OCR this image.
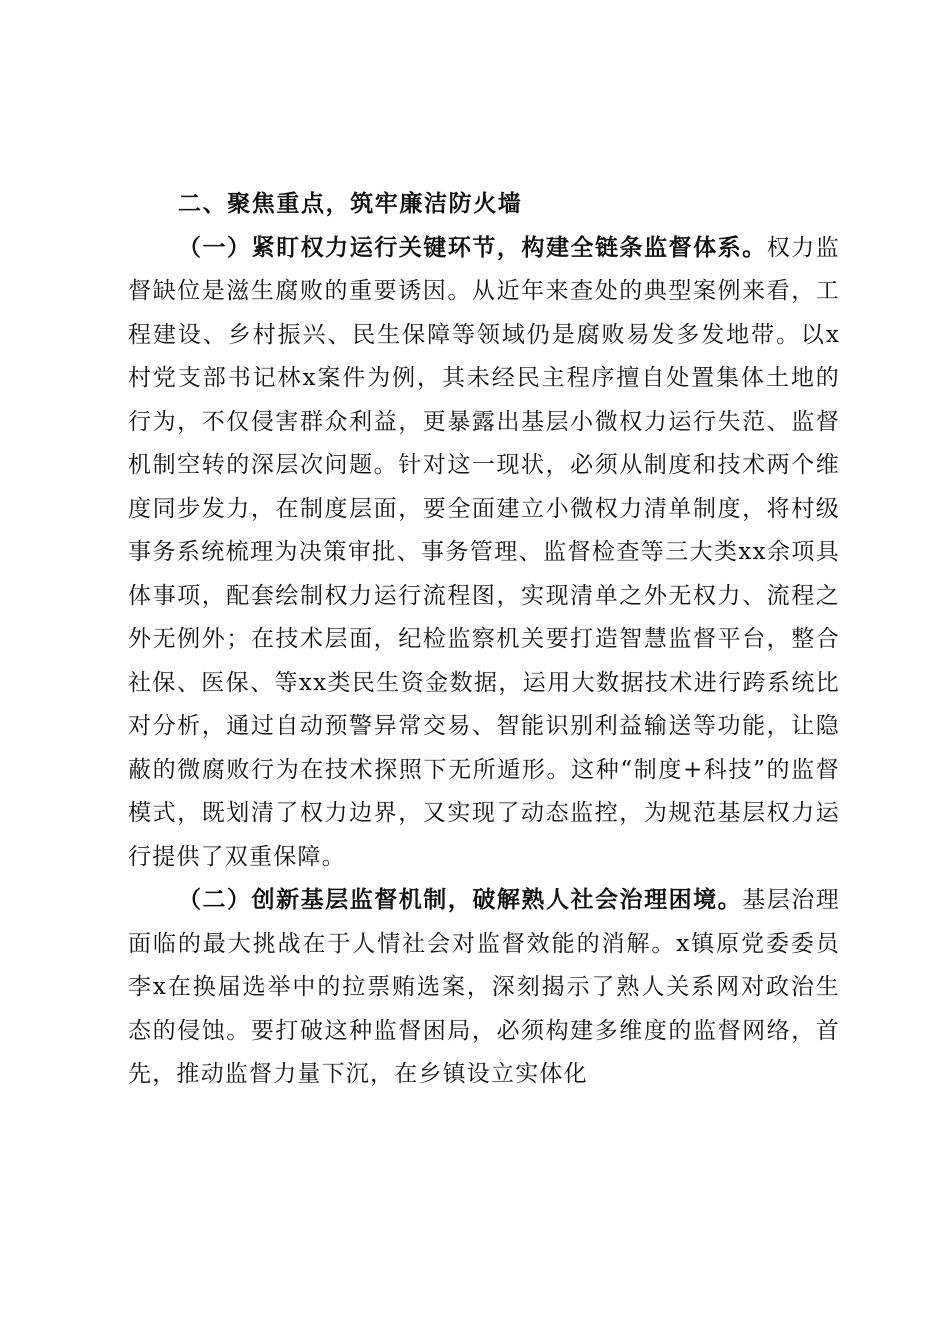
二、聚焦重点，筑牢廉洁防火墙

（一）紧盯权力运行关键环节，构建全链条监督体系。权力监督缺位是滋生腐败的重要诱因。从近年来查处的典型案例来看，工程建设、乡村振兴、民生保障等领域仍是腐败易发多发地带。以x村党支部书记林x案件为例，其未经民主程序擅自处置集体土地的行为，不仅侵害群众利益，更暴露出基层小微权力运行失范、监督机制空转的深层次问题。针对这一现状，必须从制度和技术两个维度同步发力，在制度层面，要全面建立小微权力清单制度，将村级事务系统梳理为决策审批、事务管理、监督检查等三大类xx余项具体事项，配套绘制权力运行流程图，实现清单之外无权力、流程之外无例外；在技术层面，纪检监察机关要打造智慧监督平台，整合社保、医保、等xx类民生资金数据，运用大数据技术进行跨系统比对分析，通过自动预警异常交易、智能识别利益输送等功能，让隐蔽的微腐败行为在技术探照下无所遁形。这种“制度+科技”的监督模式，既划清了权力边界，又实现了动态监控，为规范基层权力运行提供了双重保障。

（二）创新基层监督机制，破解熟人社会治理困境。基层治理面临的最大挑战在于人情社会对监督效能的消解。x镇原党委委员李x在换届选举中的拉票贿选案，深刻揭示了熟人关系网对政治生态的侵蚀。要打破这种监督困局，必须构建多维度的监督网络，首先，推动监督力量下沉，在乡镇设立实体化
